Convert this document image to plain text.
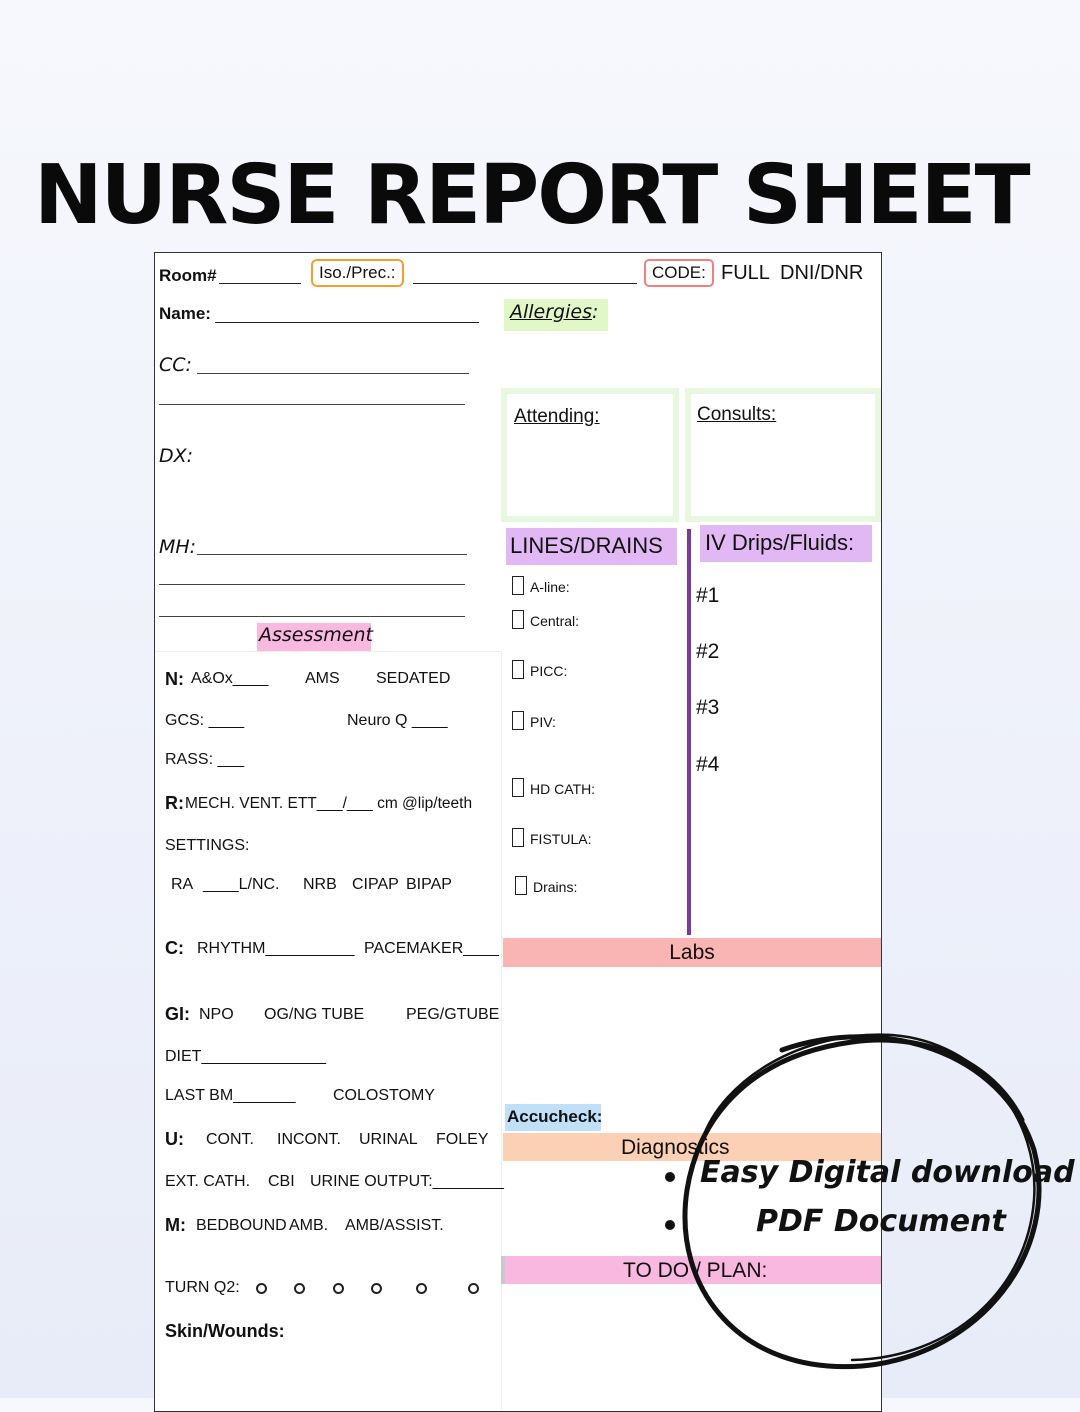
NURSE REPORT SHEET
Room#	Iso./Prec.:	CODE: FULL DNI/DNR
Name:	Allergies:
CC:
DX:
MH:
Assessment
N: A&Ox____ AMS SEDATED
GCS: ____	Neuro Q ____
RASS: ___
R: MECH. VENT. ETT___/___ cm @lip/teeth
SETTINGS:
RA ____L/NC. NRB CIPAP BIPAP
C: RHYTHM__________ PACEMAKER____
GI: NPO OG/NG TUBE	PEG/GTUBE
DIET______________
LAST BM_______ COLOSTOMY
U: CONT. INCONT. URINAL FOLEY
EXT. CATH. CBI URINE OUTPUT:________
M: BEDBOUND AMB. AMB/ASSIST.
TURN Q2:
Skin/Wounds:
Attending:	Consults:
LINES/DRAINS	IV Drips/Fluids:
A-line:
Central:
PICC:
PIV:
HD CATH:
FISTULA:
Drains:
#1
#2
#3
#4
Labs
Accucheck:
Diagnostics
TO DO / PLAN:
Easy Digital download
PDF Document
